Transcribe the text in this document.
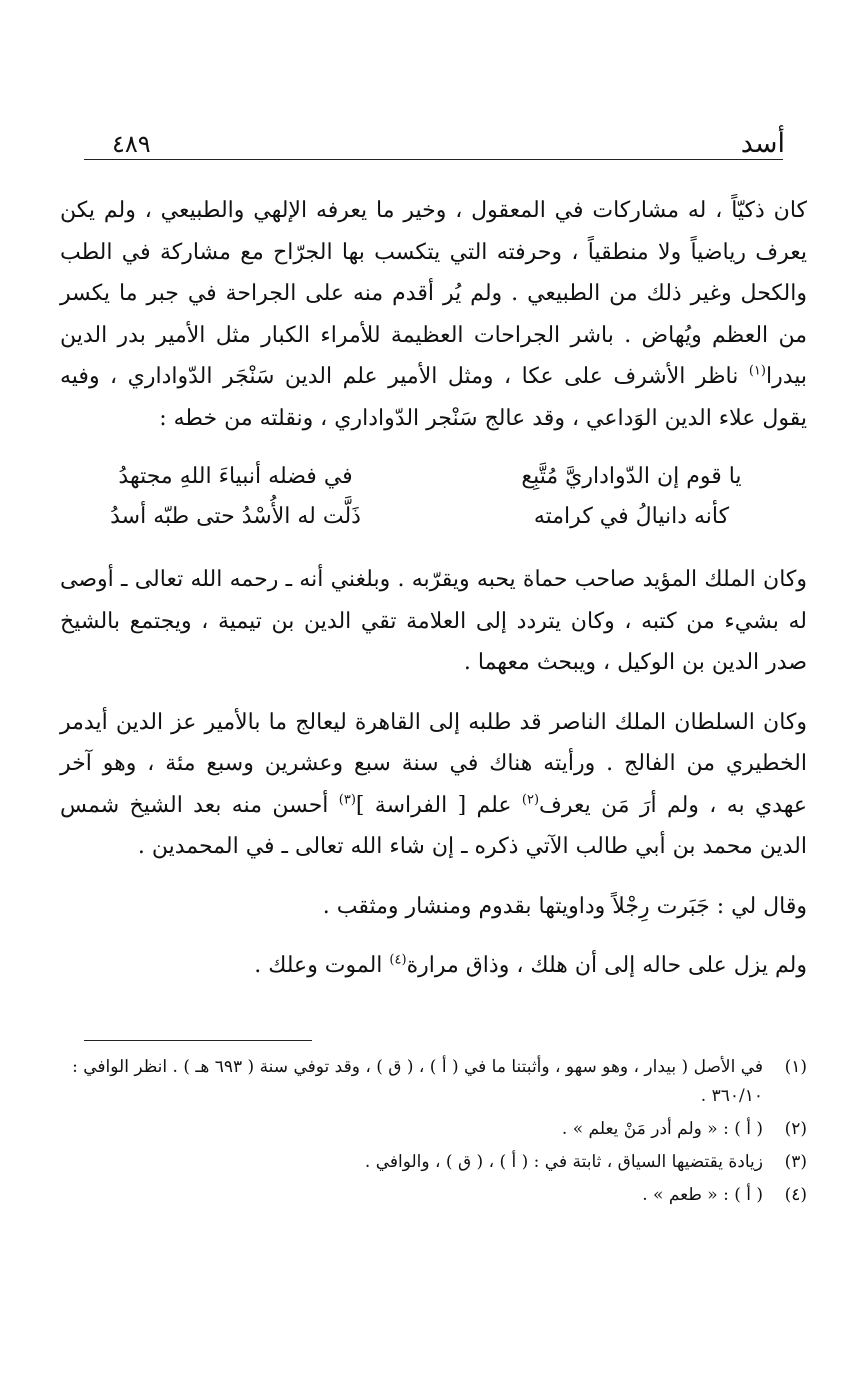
أسد
٤٨٩

كان ذكيّاً ، له مشاركات في المعقول ، وخير ما يعرفه الإلهي والطبيعي ، ولم يكن يعرف رياضياً ولا منطقياً ، وحرفته التي يتكسب بها الجرّاح مع مشاركة في الطب والكحل وغير ذلك من الطبيعي . ولم يُر أقدم منه على الجراحة في جبر ما يكسر من العظم ويُهاض . باشر الجراحات العظيمة للأمراء الكبار مثل الأمير بدر الدين بيدرا$^{(١)}$ ناظر الأشرف على عكا ، ومثل الأمير علم الدين سَنْجَر الدّواداري ، وفيه يقول علاء الدين الوَداعي ، وقد عالج سَنْجر الدّواداري ، ونقلته من خطه :

يا قوم إن الدّواداريَّ مُتَّبِع
في فضله أنبياءَ اللهِ مجتهدُ
كأنه دانيالُ في كرامته
ذَلَّت له الأُسْدُ حتى طبّه أسدُ

وكان الملك المؤيد صاحب حماة يحبه ويقرّبه . وبلغني أنه ـ رحمه الله تعالى ـ أوصى له بشيء من كتبه ، وكان يتردد إلى العلامة تقي الدين بن تيمية ، ويجتمع بالشيخ صدر الدين بن الوكيل ، ويبحث معهما .

وكان السلطان الملك الناصر قد طلبه إلى القاهرة ليعالج ما بالأمير عز الدين أيدمر الخطيري من الفالج . ورأيته هناك في سنة سبع وعشرين وسبع مئة ، وهو آخر عهدي به ، ولم أرَ مَن يعرف$^{(٢)}$ علم [ الفراسة ]$^{(٣)}$ أحسن منه بعد الشيخ شمس الدين محمد بن أبي طالب الآتي ذكره ـ إن شاء الله تعالى ـ في المحمدين .

وقال لي : جَبَرت رِجْلاً وداويتها بقدوم ومنشار ومثقب .

ولم يزل على حاله إلى أن هلك ، وذاق مرارة$^{(٤)}$ الموت وعلك .

(١)
في الأصل ( بيدار ، وهو سهو ، وأثبتنا ما في ( أ ) ، ( ق ) ، وقد توفي سنة ( ٦٩٣ هـ ) . انظر الوافي : ٣٦٠/١٠ .
(٢)
( أ ) : « ولم أدر مَنْ يعلم » .
(٣)
زيادة يقتضيها السياق ، ثابتة في : ( أ ) ، ( ق ) ، والوافي .
(٤)
( أ ) : « طعم » .
